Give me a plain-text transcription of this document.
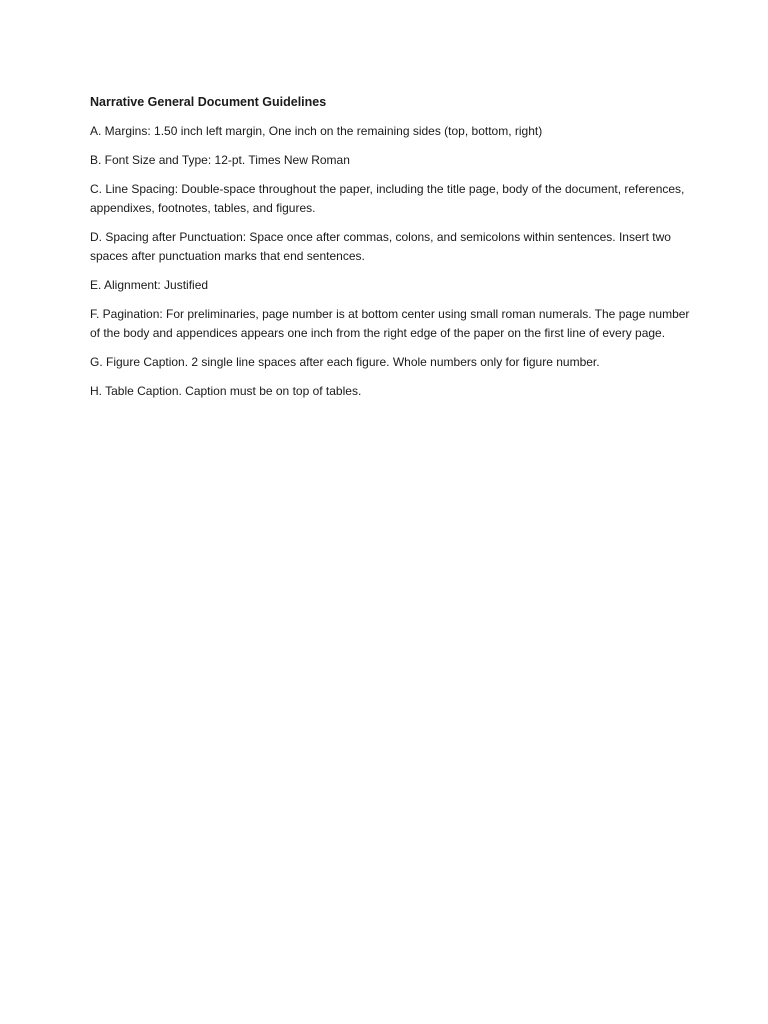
Narrative General Document Guidelines

A. Margins: 1.50 inch left margin, One inch on the remaining sides (top, bottom, right)

B. Font Size and Type: 12-pt. Times New Roman

C. Line Spacing: Double-space throughout the paper, including the title page, body of the document, references, appendixes, footnotes, tables, and figures.

D. Spacing after Punctuation: Space once after commas, colons, and semicolons within sentences. Insert two spaces after punctuation marks that end sentences.

E. Alignment: Justified

F. Pagination: For preliminaries, page number is at bottom center using small roman numerals. The page number of the body and appendices appears one inch from the right edge of the paper on the first line of every page.

G. Figure Caption. 2 single line spaces after each figure. Whole numbers only for figure number.

H. Table Caption. Caption must be on top of tables.
